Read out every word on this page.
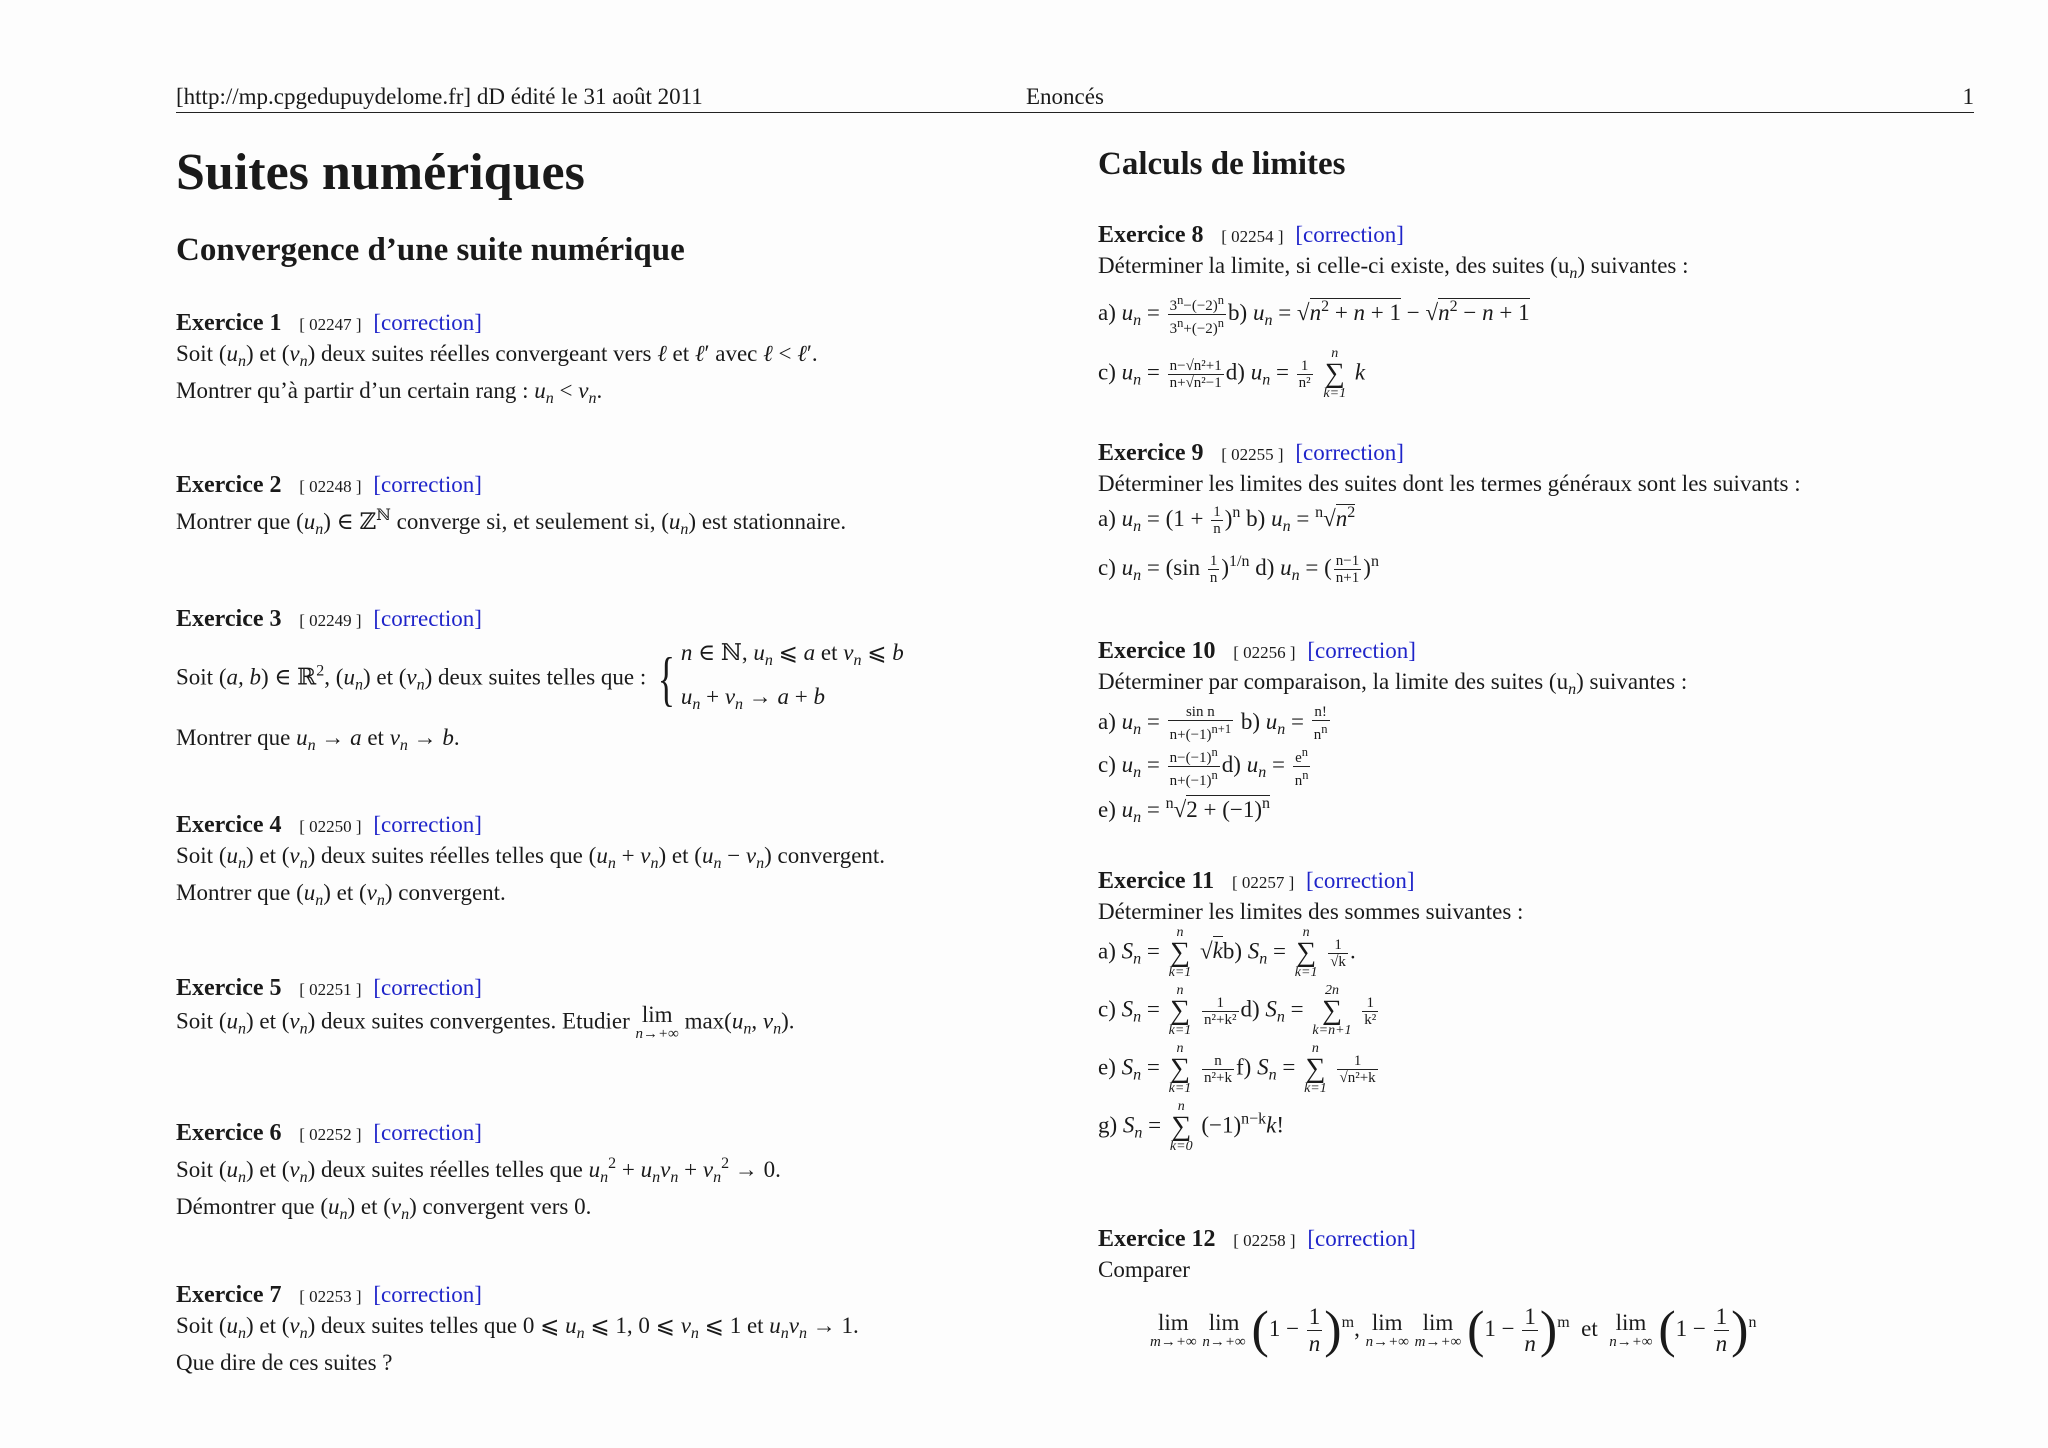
[http://mp.cpgedupuydelome.fr] dD édité le 31 août 2011	Enoncés	1
Suites numériques
Convergence d’une suite numérique
Exercice 1 [ 02247 ] [correction]
Soit $(u_n)$ et $(v_n)$ deux suites réelles convergeant vers ℓ et ℓ′ avec ℓ < ℓ′.
Montrer qu’à partir d’un certain rang : $u_n < v_n$.
Exercice 2 [ 02248 ] [correction]
Montrer que $(u_n)$ ∈ ℤ$^ℕ$ converge si, et seulement si, $(u_n)$ est stationnaire.
Exercice 3 [ 02249 ] [correction]
Soit (a, b) ∈ ℝ$^2$, $(u_n)$ et $(v_n)$ deux suites telles que : { n ∈ ℕ, $u_n$ ⩽ a et $v_n$ ⩽ b
$u_n + v_n \to a + b$
Montrer que $u_n \to a$ et $v_n \to b$.
Exercice 4 [ 02250 ] [correction]
Soit $(u_n)$ et $(v_n)$ deux suites réelles telles que $(u_n + v_n)$ et $(u_n - v_n)$ convergent.
Montrer que $(u_n)$ et $(v_n)$ convergent.
Exercice 5 [ 02251 ] [correction]
Soit $(u_n)$ et $(v_n)$ deux suites convergentes. Etudier lim
n→+∞
$\max(u_n$, $v_n$).
Exercice 6 [ 02252 ] [correction]
Soit $(u_n)$ et $(v_n)$ deux suites réelles telles que $u_n^2 + u_nv_n + v_n^2 \to 0$.
Démontrer que $(u_n)$ et $(v_n)$ convergent vers 0.
Exercice 7 [ 02253 ] [correction]
Soit $(u_n)$ et $(v_n)$ deux suites telles que 0 ⩽ $u_n$ ⩽ 1, 0 ⩽ $v_n$ ⩽ 1 et $u_nv_n \to 1$.
Que dire de ces suites ?
Calculs de limites
Exercice 8 [ 02254 ] [correction]
Déterminer la limite, si celle-ci existe, des suites $(u_n)$ suivantes :
a) $u_n = \frac{3^n-(-2)^n}{3^n+(-2)^n} b$) $u_n = √n^2 + n + 1 - √n^2 - n + 1$
c) $u_n = \frac{\text{n−√n²+1}}{\text{n+√n²−1}} d$) $u_n = \frac{1}{\text{n²}}$

n
∑
k=1
k
Exercice 9 [ 02255 ] [correction]
Déterminer les limites des suites dont les termes généraux sont les suivants :
a) $u_n = (1 + \frac{1}{n} )^n$ b) $u_n = ^n√n^2$
c) $u_n = (\sin \frac{1}{n} )^{1/n}$ d) $u_n$ = ( $\frac{n-1}{n+1} )^n$
Exercice 10 [ 02256 ] [correction]
Déterminer par comparaison, la limite des suites $(u_n)$ suivantes :
a) $u_n = \frac{\text{sin n}}{n+(-1)^{n+1}} b$) $u_n = \frac{n!}{n^n}$
c) $u_n = \frac{n-(-1)^n}{n+(-1)^n} d$) $u_n = \frac{e^n}{n^n}$
e) $u_n = ^n√2 + (-1)^n$
Exercice 11 [ 02257 ] [correction]
Déterminer les limites des sommes suivantes :
a) $S_n$ =
n
∑
k=1
√kb) $S_n$ =
n
∑
k=1

$\frac{1}{√k}$ .
c) $S_n$ =
n
∑
k=1

$\frac{1}{\text{n²+k²}} d$) $S_n$ =
2n
∑
k=n+1

$\frac{1}{\text{k²}}$
e) $S_n$ =
n
∑
k=1

$\frac{n}{\text{n²+k}} f$) $S_n$ =
n
∑
k=1

$\frac{1}{\text{√n²+k}}$
g) $S_n$ =
n
∑
k=0
$(-1)^{n-k}k$!
Exercice 12 [ 02258 ] [correction]
Comparer
lim
m→+∞

lim
n→+∞ $(1 - \frac{1}{n} )^m$, lim
n→+∞

lim
m→+∞ $(1 - \frac{1}{n} )^m$  et lim
n→+∞ $(1 - \frac{1}{n} )^n$
